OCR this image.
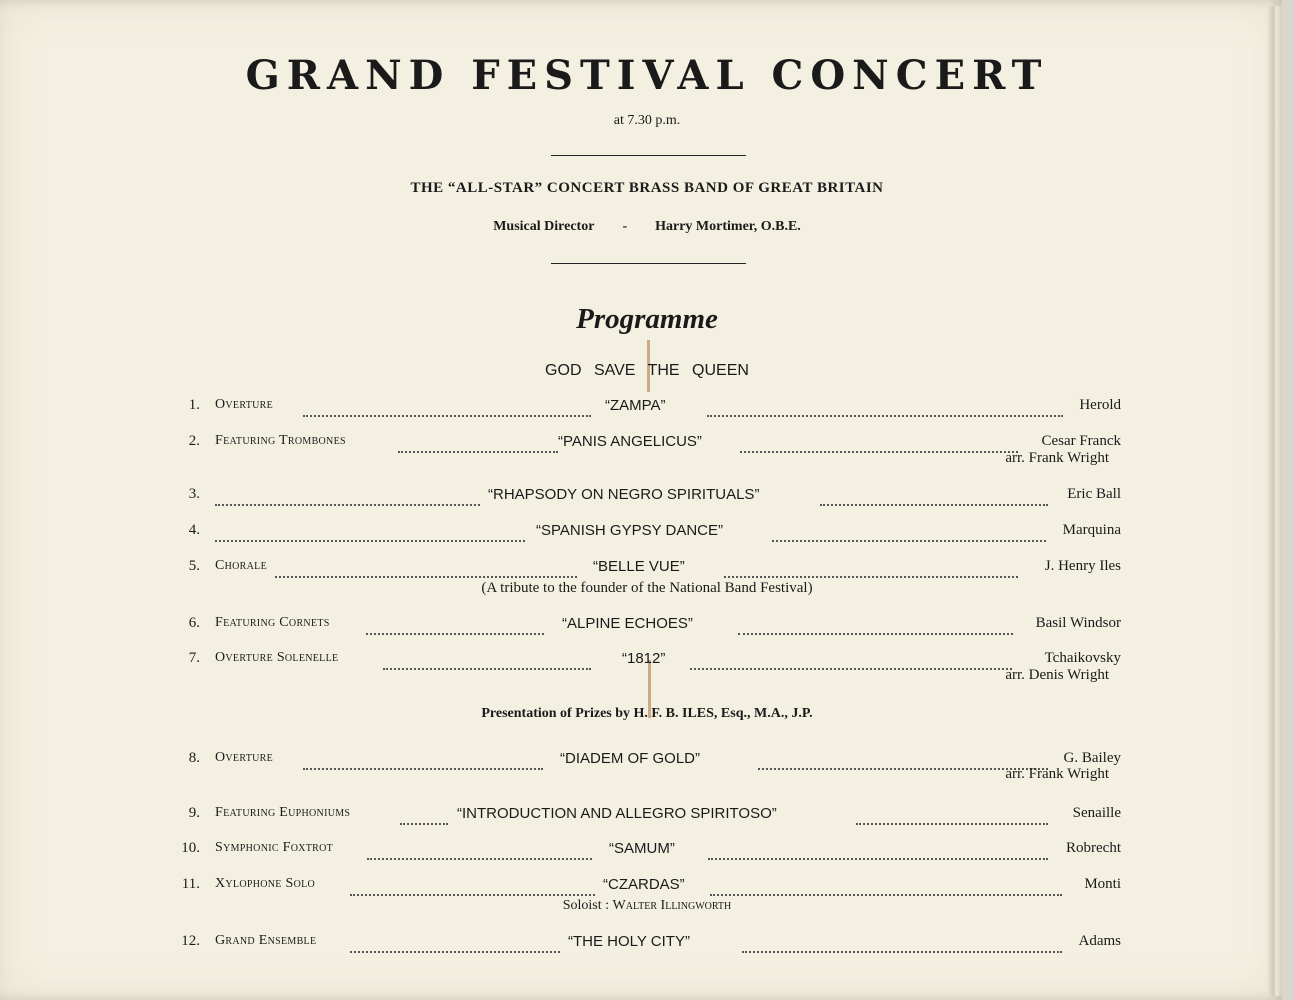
GRAND FESTIVAL CONCERT
at 7.30 p.m.
THE “ALL-STAR” CONCERT BRASS BAND OF GREAT BRITAIN
Musical Director - Harry Mortimer, O.B.E.
Programme
GOD SAVE THE QUEEN
1. Overture	“ZAMPA”	Herold
2. Featuring Trombones	“PANIS ANGELICUS”	Cesar Franck
arr. Frank Wright
3.	“RHAPSODY ON NEGRO SPIRITUALS”	Eric Ball
4.	“SPANISH GYPSY DANCE”	Marquina
5. Chorale	“BELLE VUE”	J. Henry Iles
(A tribute to the founder of the National Band Festival)
6. Featuring Cornets	“ALPINE ECHOES”	Basil Windsor
7. Overture Solenelle	“1812”	Tchaikovsky
arr. Denis Wright
Presentation of Prizes by H. F. B. ILES, Esq., M.A., J.P.
8. Overture	“DIADEM OF GOLD”	G. Bailey
arr. Frank Wright
9. Featuring Euphoniums	“INTRODUCTION AND ALLEGRO SPIRITOSO”	Senaille
10. Symphonic Foxtrot	“SAMUM”	Robrecht
11. Xylophone Solo	“CZARDAS”	Monti
Soloist : Walter Illingworth
12. Grand Ensemble	“THE HOLY CITY”	Adams
